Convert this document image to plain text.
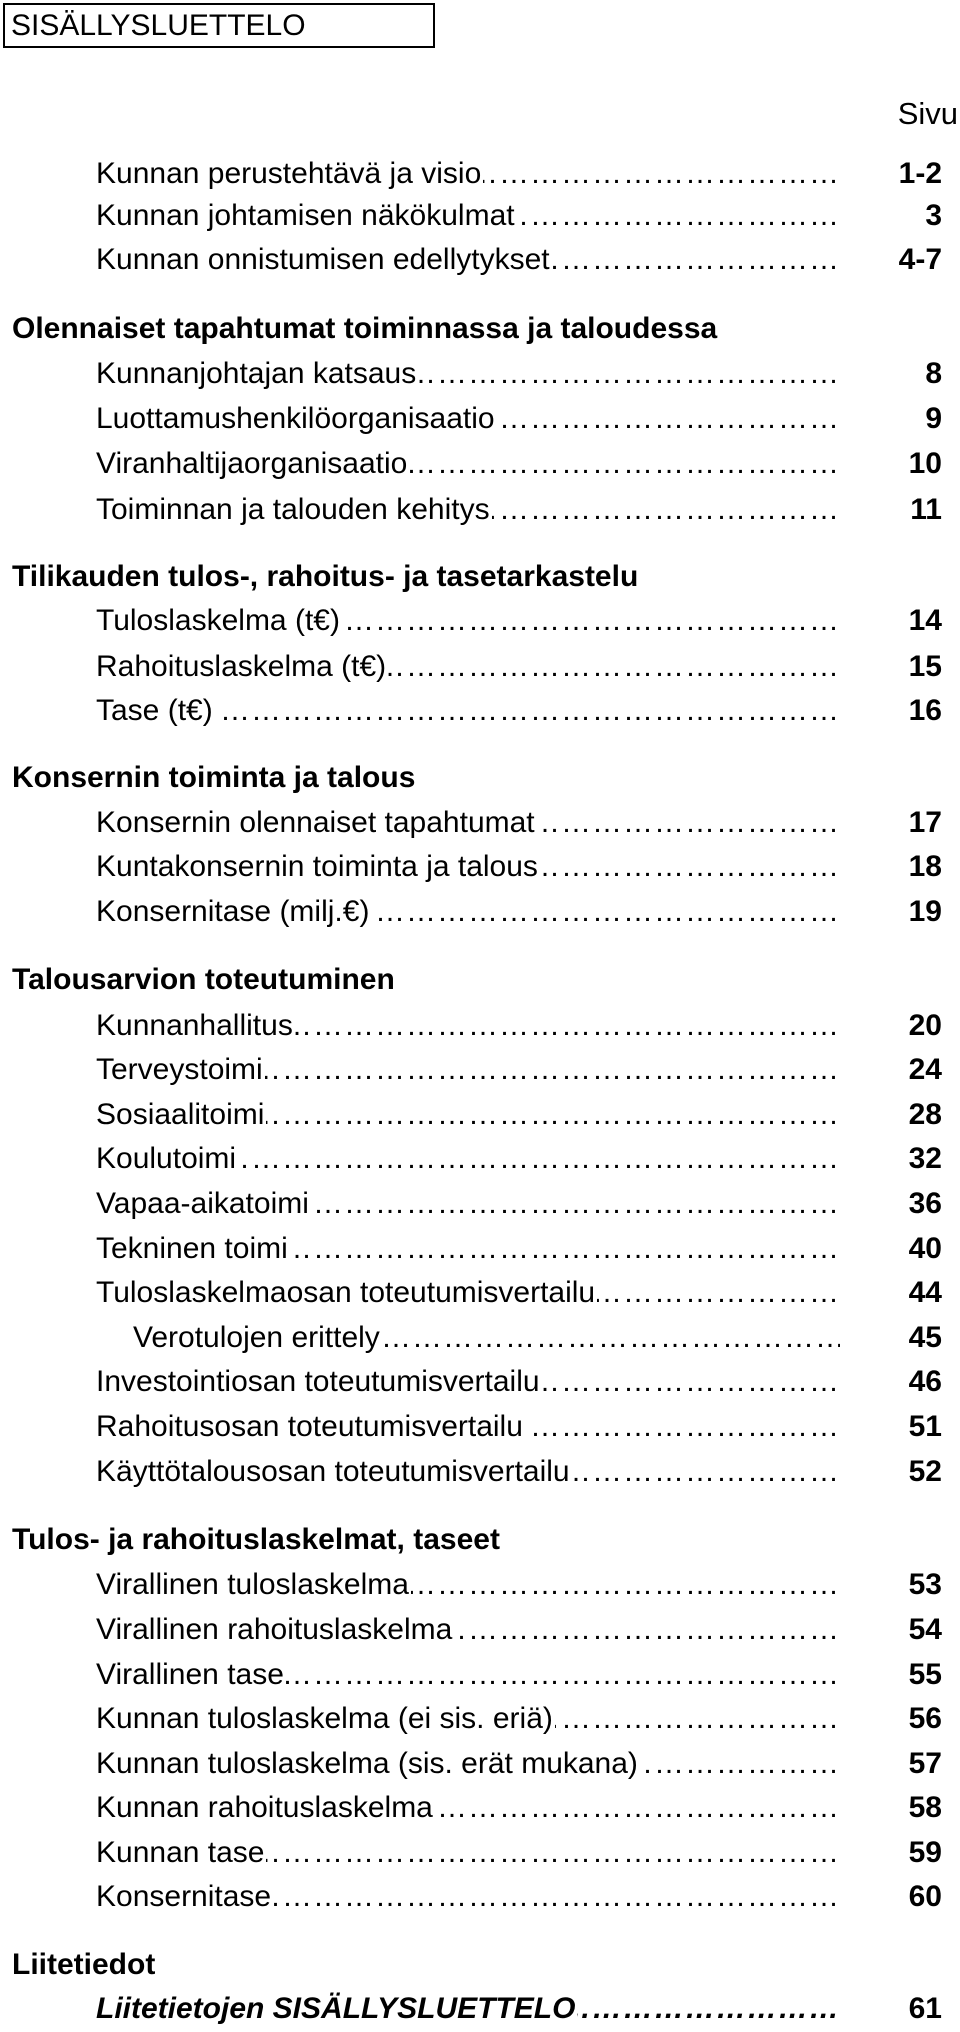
SISÄLLYSLUETTELO
Sivu
…………………………………………………………………………………………………………………………………………………………………………………
Kunnan perustehtävä ja visio	1-2
…………………………………………………………………………………………………………………………………………………………………………………
Kunnan johtamisen näkökulmat	3
…………………………………………………………………………………………………………………………………………………………………………………
Kunnan onnistumisen edellytykset	4-7
Olennaiset tapahtumat toiminnassa ja taloudessa
…………………………………………………………………………………………………………………………………………………………………………………
Kunnanjohtajan katsaus	8
…………………………………………………………………………………………………………………………………………………………………………………
Luottamushenkilöorganisaatio	9
…………………………………………………………………………………………………………………………………………………………………………………
Viranhaltijaorganisaatio	10
…………………………………………………………………………………………………………………………………………………………………………………
Toiminnan ja talouden kehitys	11
Tilikauden tulos-, rahoitus- ja tasetarkastelu
…………………………………………………………………………………………………………………………………………………………………………………
Tuloslaskelma (t€)	14
…………………………………………………………………………………………………………………………………………………………………………………
Rahoituslaskelma (t€)	15
…………………………………………………………………………………………………………………………………………………………………………………
Tase (t€)	16
Konsernin toiminta ja talous
…………………………………………………………………………………………………………………………………………………………………………………
Konsernin olennaiset tapahtumat	17
…………………………………………………………………………………………………………………………………………………………………………………
Kuntakonsernin toiminta ja talous	18
…………………………………………………………………………………………………………………………………………………………………………………
Konsernitase (milj.€)	19
Talousarvion toteutuminen
…………………………………………………………………………………………………………………………………………………………………………………
Kunnanhallitus	20
…………………………………………………………………………………………………………………………………………………………………………………
Terveystoimi	24
…………………………………………………………………………………………………………………………………………………………………………………
Sosiaalitoimi	28
…………………………………………………………………………………………………………………………………………………………………………………
Koulutoimi	32
…………………………………………………………………………………………………………………………………………………………………………………
Vapaa-aikatoimi	36
…………………………………………………………………………………………………………………………………………………………………………………
Tekninen toimi	40
…………………………………………………………………………………………………………………………………………………………………………………
Tuloslaskelmaosan toteutumisvertailu	44
…………………………………………………………………………………………………………………………………………………………………………………
Verotulojen erittely	45
…………………………………………………………………………………………………………………………………………………………………………………
Investointiosan toteutumisvertailu	46
…………………………………………………………………………………………………………………………………………………………………………………
Rahoitusosan toteutumisvertailu	51
…………………………………………………………………………………………………………………………………………………………………………………
Käyttötalousosan toteutumisvertailu	52
Tulos- ja rahoituslaskelmat, taseet
…………………………………………………………………………………………………………………………………………………………………………………
Virallinen tuloslaskelma	53
…………………………………………………………………………………………………………………………………………………………………………………
Virallinen rahoituslaskelma	54
…………………………………………………………………………………………………………………………………………………………………………………
Virallinen tase	55
…………………………………………………………………………………………………………………………………………………………………………………
Kunnan tuloslaskelma (ei sis. eriä)	56
…………………………………………………………………………………………………………………………………………………………………………………
Kunnan tuloslaskelma (sis. erät mukana)	57
…………………………………………………………………………………………………………………………………………………………………………………
Kunnan rahoituslaskelma	58
…………………………………………………………………………………………………………………………………………………………………………………
Kunnan tase	59
…………………………………………………………………………………………………………………………………………………………………………………
Konsernitase	60
Liitetiedot
…………………………………………………………………………………………………………………………………………………………………………………
Liitetietojen SISÄLLYSLUETTELO	61
